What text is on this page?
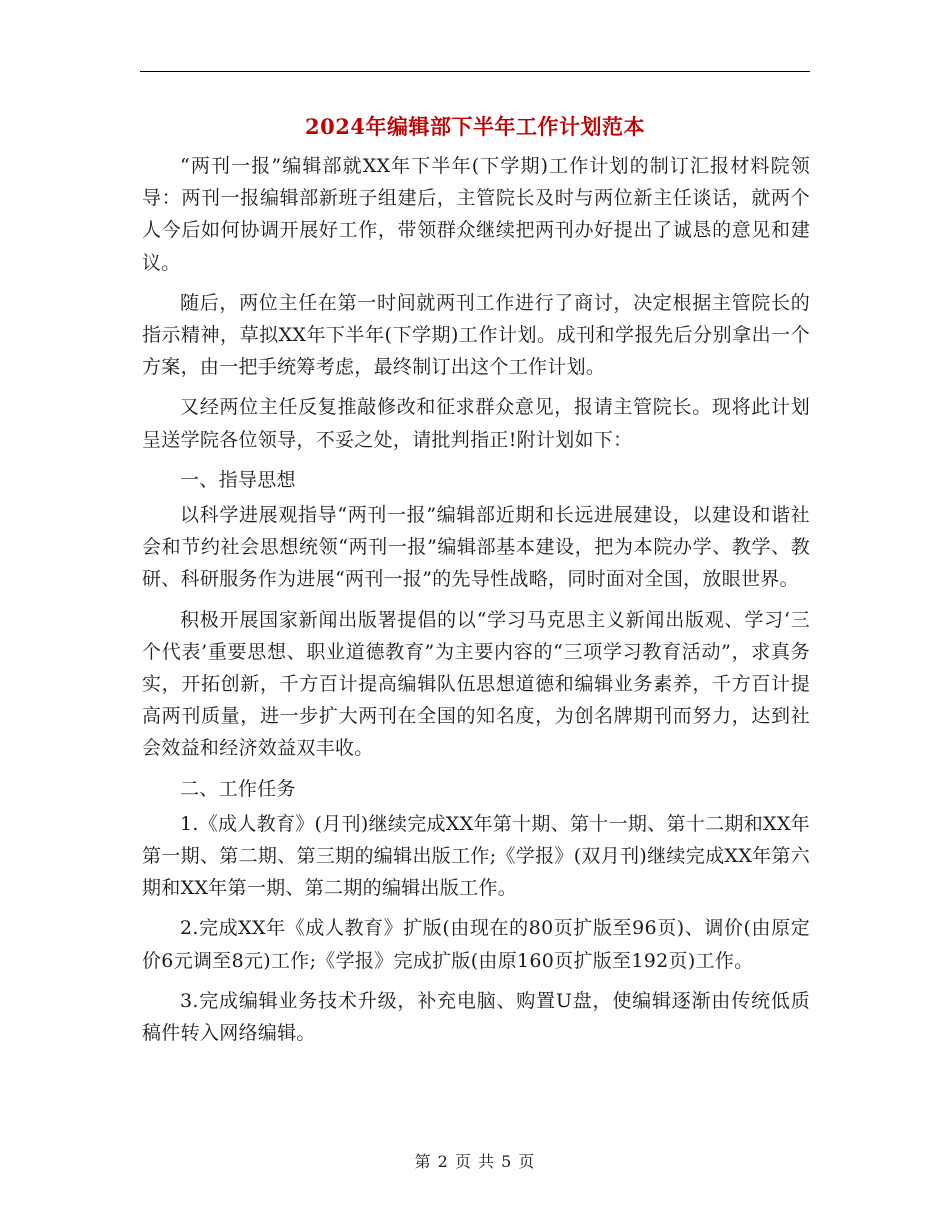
2024年编辑部下半年工作计划范本

“两刊一报”编辑部就XX年下半年(下学期)工作计划的制订汇报材料院领导：两刊一报编辑部新班子组建后，主管院长及时与两位新主任谈话，就两个人今后如何协调开展好工作，带领群众继续把两刊办好提出了诚恳的意见和建议。

随后，两位主任在第一时间就两刊工作进行了商讨，决定根据主管院长的指示精神，草拟XX年下半年(下学期)工作计划。成刊和学报先后分别拿出一个方案，由一把手统筹考虑，最终制订出这个工作计划。

又经两位主任反复推敲修改和征求群众意见，报请主管院长。现将此计划呈送学院各位领导，不妥之处，请批判指正!附计划如下：

一、指导思想

以科学进展观指导“两刊一报”编辑部近期和长远进展建设，以建设和谐社会和节约社会思想统领“两刊一报”编辑部基本建设，把为本院办学、教学、教研、科研服务作为进展“两刊一报”的先导性战略，同时面对全国，放眼世界。

积极开展国家新闻出版署提倡的以“学习马克思主义新闻出版观、学习‘三个代表’重要思想、职业道德教育”为主要内容的“三项学习教育活动”，求真务实，开拓创新，千方百计提高编辑队伍思想道德和编辑业务素养，千方百计提高两刊质量，进一步扩大两刊在全国的知名度，为创名牌期刊而努力，达到社会效益和经济效益双丰收。

二、工作任务

1.《成人教育》(月刊)继续完成XX年第十期、第十一期、第十二期和XX年第一期、第二期、第三期的编辑出版工作;《学报》(双月刊)继续完成XX年第六期和XX年第一期、第二期的编辑出版工作。

2.完成XX年《成人教育》扩版(由现在的80页扩版至96页)、调价(由原定价6元调至8元)工作;《学报》完成扩版(由原160页扩版至192页)工作。

3.完成编辑业务技术升级，补充电脑、购置U盘，使编辑逐渐由传统低质稿件转入网络编辑。

第 2 页 共 5 页
